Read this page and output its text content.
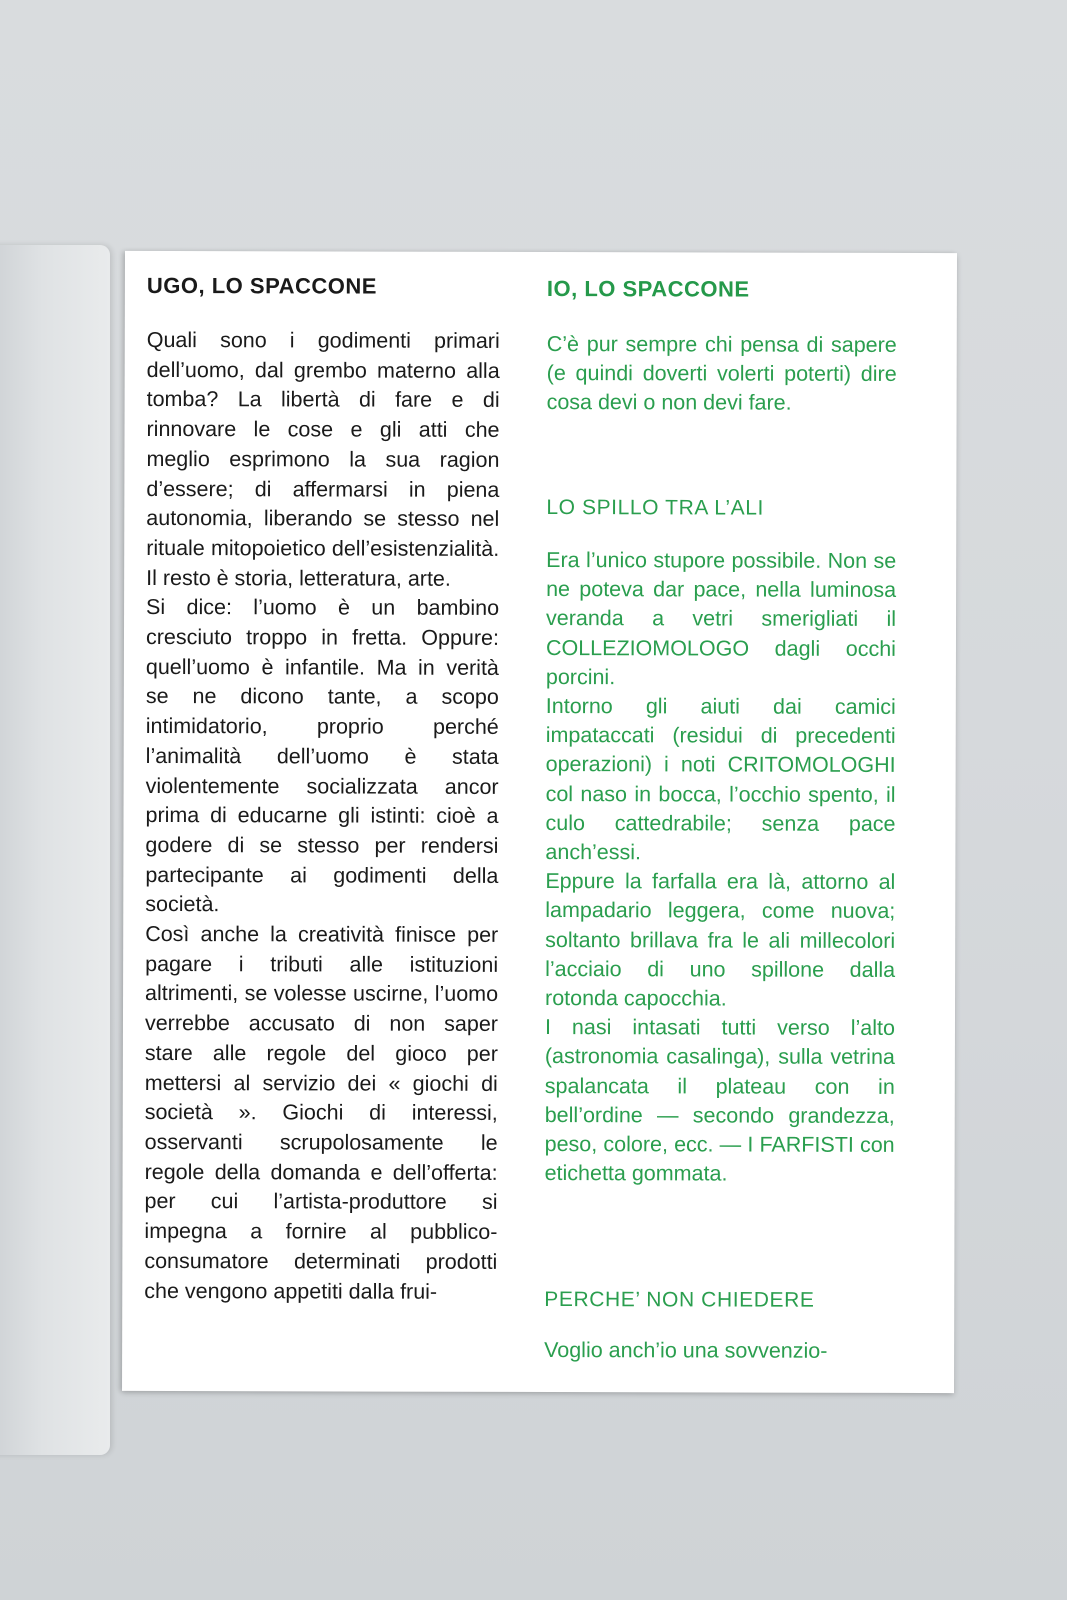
UGO, LO SPACCONE

Quali sono i godimenti primari dell’uomo, dal grembo materno alla tomba? La libertà di fare e di rinnovare le cose e gli atti che meglio esprimono la sua ragion d’essere; di affermarsi in piena autonomia, liberando se stesso nel rituale mitopoietico dell’esistenzialità. Il resto è storia, letteratura, arte.

Si dice: l’uomo è un bambino cresciuto troppo in fretta. Oppure: quell’uomo è infantile. Ma in verità se ne dicono tante, a scopo intimidatorio, proprio perché l’animalità dell’uomo è stata violentemente socializzata ancor prima di educarne gli istinti: cioè a godere di se stesso per rendersi partecipante ai godimenti della società.

Così anche la creatività finisce per pagare i tributi alle istituzioni altrimenti, se volesse uscirne, l’uomo verrebbe accusato di non saper stare alle regole del gioco per mettersi al servizio dei « giochi di società ». Giochi di interessi, osservanti scrupolosamente le regole della domanda e dell’offerta: per cui l’artista-produttore si impegna a fornire al pubblico-consumatore determinati prodotti che vengono appetiti dalla frui-

IO, LO SPACCONE

C’è pur sempre chi pensa di sapere (e quindi doverti volerti poterti) dire cosa devi o non devi fare.

LO SPILLO TRA L’ALI

Era l’unico stupore possibile. Non se ne poteva dar pace, nella luminosa veranda a vetri smerigliati il COLLEZIOMOLOGO dagli occhi porcini.

Intorno gli aiuti dai camici impataccati (residui di precedenti operazioni) i noti CRITOMOLOGHI col naso in bocca, l’occhio spento, il culo cattedrabile; senza pace anch’essi.

Eppure la farfalla era là, attorno al lampadario leggera, come nuova; soltanto brillava fra le ali millecolori l’acciaio di uno spillone dalla rotonda capocchia.

I nasi intasati tutti verso l’alto (astronomia casalinga), sulla vetrina spalancata il plateau con in bell’ordine — secondo grandezza, peso, colore, ecc. — I FARFISTI con etichetta gommata.

PERCHE’ NON CHIEDERE

Voglio anch’io una sovvenzio-
